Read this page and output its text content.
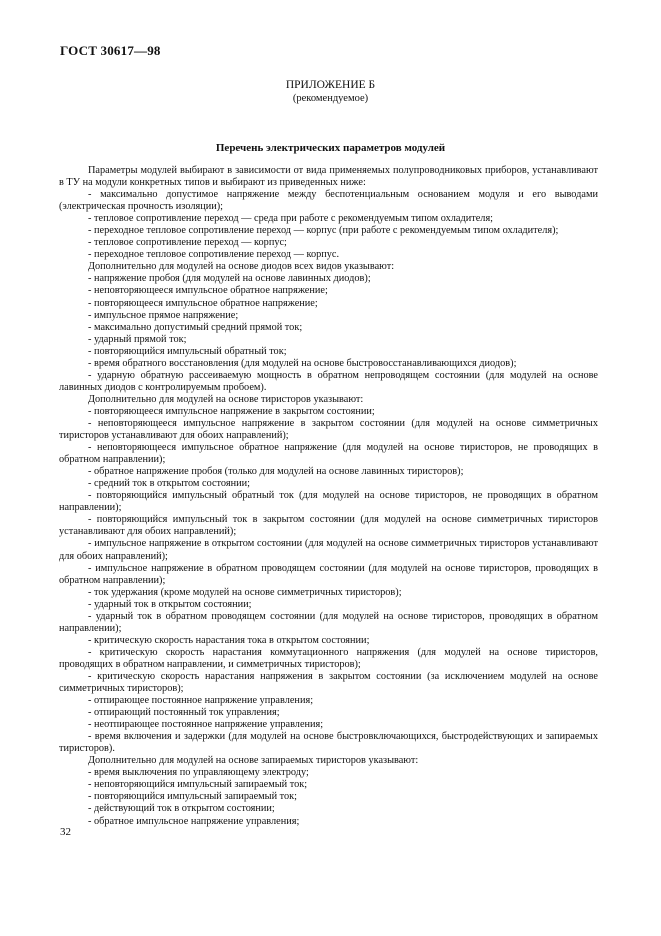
ГОСТ 30617—98
ПРИЛОЖЕНИЕ Б
(рекомендуемое)
Перечень электрических параметров модулей

Параметры модулей выбирают в зависимости от вида применяемых полупроводниковых приборов, устанавливают в ТУ на модули конкретных типов и выбирают из приведенных ниже:

- максимально допустимое напряжение между беспотенциальным основанием модуля и его выводами (электрическая прочность изоляции);

- тепловое сопротивление переход — среда при работе с рекомендуемым типом охладителя;

- переходное тепловое сопротивление переход — корпус (при работе с рекомендуемым типом охладителя);

- тепловое сопротивление переход — корпус;

- переходное тепловое сопротивление переход — корпус.

Дополнительно для модулей на основе диодов всех видов указывают:

- напряжение пробоя (для модулей на основе лавинных диодов);

- неповторяющееся импульсное обратное напряжение;

- повторяющееся импульсное обратное напряжение;

- импульсное прямое напряжение;

- максимально допустимый средний прямой ток;

- ударный прямой ток;

- повторяющийся импульсный обратный ток;

- время обратного восстановления (для модулей на основе быстровосстанавливающихся диодов);

- ударную обратную рассеиваемую мощность в обратном непроводящем состоянии (для модулей на основе лавинных диодов с контролируемым пробоем).

Дополнительно для модулей на основе тиристоров указывают:

- повторяющееся импульсное напряжение в закрытом состоянии;

- неповторяющееся импульсное напряжение в закрытом состоянии (для модулей на основе симметричных тиристоров устанавливают для обоих направлений);

- неповторяющееся импульсное обратное напряжение (для модулей на основе тиристоров, не проводящих в обратном направлении);

- обратное напряжение пробоя (только для модулей на основе лавинных тиристоров);

- средний ток в открытом состоянии;

- повторяющийся импульсный обратный ток (для модулей на основе тиристоров, не проводящих в обратном направлении);

- повторяющийся импульсный ток в закрытом состоянии (для модулей на основе симметричных тиристоров устанавливают для обоих направлений);

- импульсное напряжение в открытом состоянии (для модулей на основе симметричных тиристоров устанавливают для обоих направлений);

- импульсное напряжение в обратном проводящем состоянии (для модулей на основе тиристоров, проводящих в обратном направлении);

- ток удержания (кроме модулей на основе симметричных тиристоров);

- ударный ток в открытом состоянии;

- ударный ток в обратном проводящем состоянии (для модулей на основе тиристоров, проводящих в обратном направлении);

- критическую скорость нарастания тока в открытом состоянии;

- критическую скорость нарастания коммутационного напряжения (для модулей на основе тиристоров, проводящих в обратном направлении, и симметричных тиристоров);

- критическую скорость нарастания напряжения в закрытом состоянии (за исключением модулей на основе симметричных тиристоров);

- отпирающее постоянное напряжение управления;

- отпирающий постоянный ток управления;

- неотпирающее постоянное напряжение управления;

- время включения и задержки (для модулей на основе быстровключающихся, быстродействующих и запираемых тиристоров).

Дополнительно для модулей на основе запираемых тиристоров указывают:

- время выключения по управляющему электроду;

- неповторяющийся импульсный запираемый ток;

- повторяющийся импульсный запираемый ток;

- действующий ток в открытом состоянии;

- обратное импульсное напряжение управления;

32
